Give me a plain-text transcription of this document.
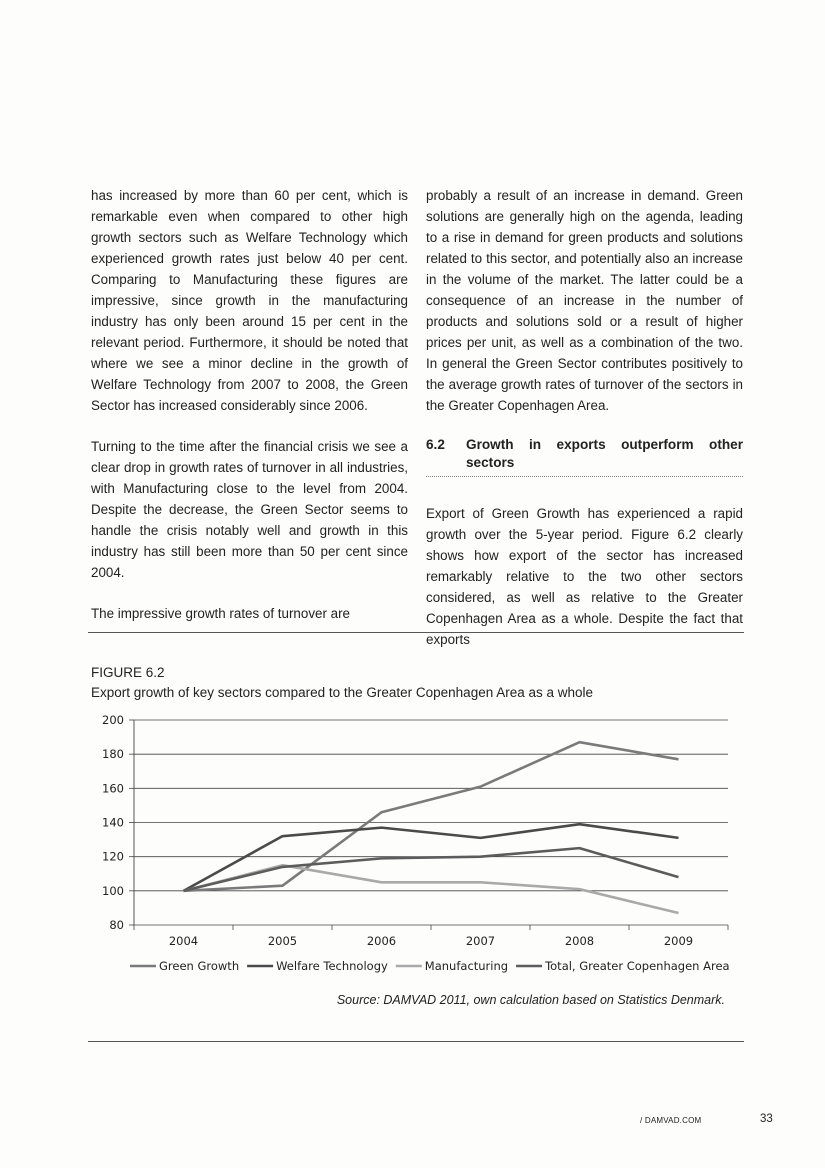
has increased by more than 60 per cent, which is remarkable even when compared to other high growth sectors such as Welfare Technology which experienced growth rates just below 40 per cent. Comparing to Manufacturing these figures are impressive, since growth in the manufacturing industry has only been around 15 per cent in the relevant period. Furthermore, it should be noted that where we see a minor decline in the growth of Welfare Technology from 2007 to 2008, the Green Sector has increased considerably since 2006.

Turning to the time after the financial crisis we see a clear drop in growth rates of turnover in all industries, with Manufacturing close to the level from 2004. Despite the decrease, the Green Sector seems to handle the crisis notably well and growth in this industry has still been more than 50 per cent since 2004.

The impressive growth rates of turnover are

probably a result of an increase in demand. Green solutions are generally high on the agenda, leading to a rise in demand for green products and solutions related to this sector, and potentially also an increase in the volume of the market. The latter could be a consequence of an increase in the number of products and solutions sold or a result of higher prices per unit, as well as a combination of the two. In general the Green Sector contributes positively to the average growth rates of turnover of the sectors in the Greater Copenhagen Area.

6.2	Growth in exports outperform other sectors

Export of Green Growth has experienced a rapid growth over the 5-year period. Figure 6.2 clearly shows how export of the sector has increased remarkably relative to the two other sectors considered, as well as relative to the Greater Copenhagen Area as a whole. Despite the fact that exports

FIGURE 6.2
Export growth of key sectors compared to the Greater Copenhagen Area as a whole
80
100
120
140
160
180
200
2004	2005	2006	2007	2008	2009
Green Growth	Welfare Technology	Manufacturing	Total, Greater Copenhagen Area
Source: DAMVAD 2011, own calculation based on Statistics Denmark.
/ DAMVAD.COM	33
